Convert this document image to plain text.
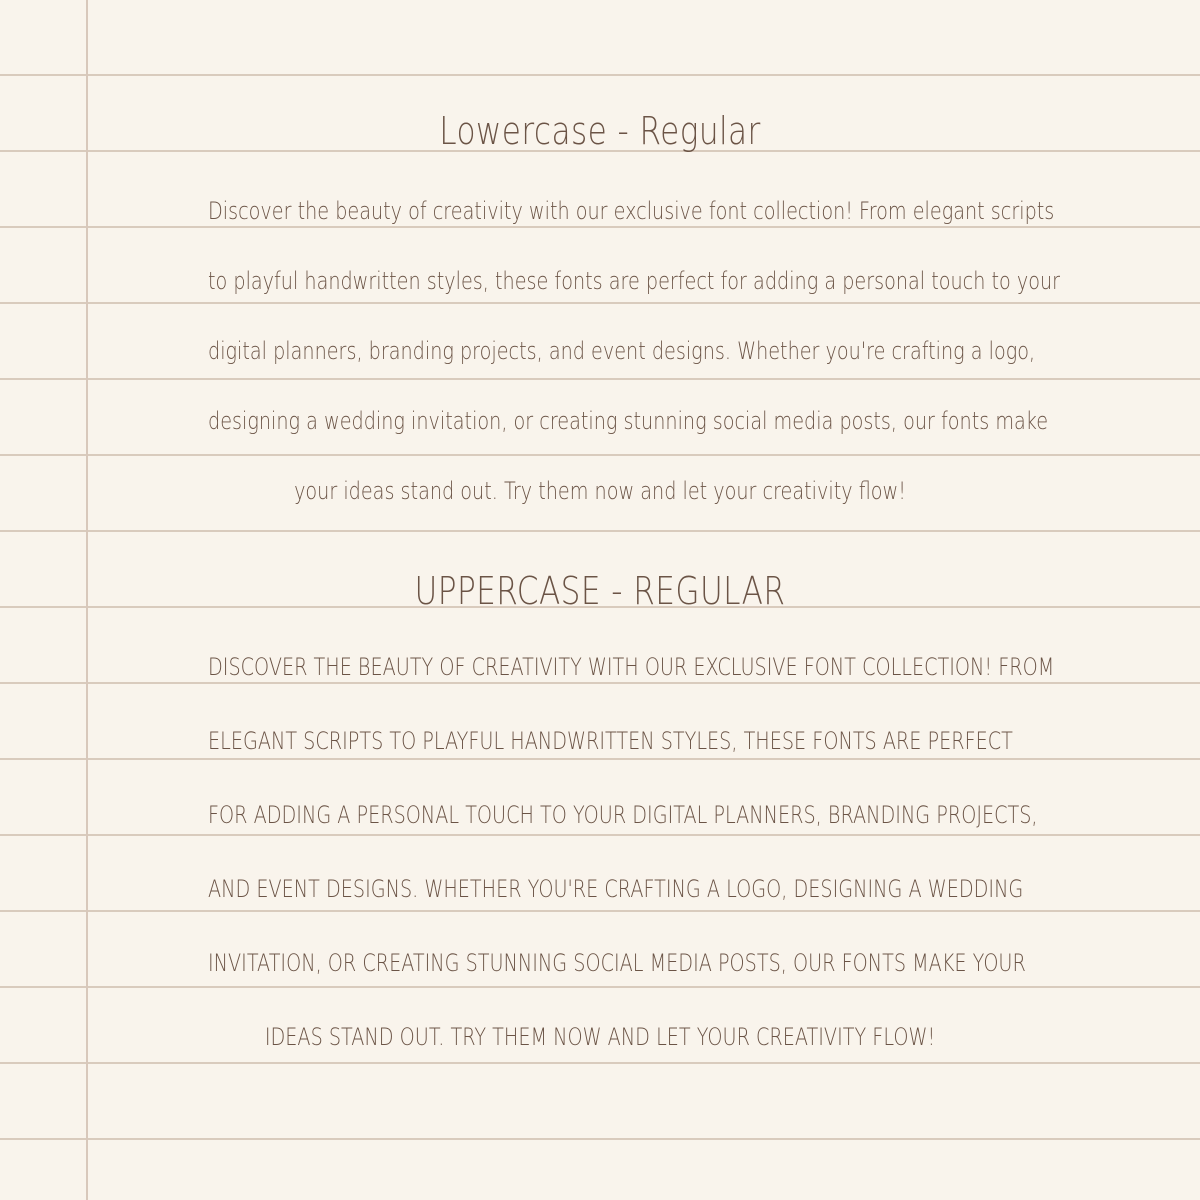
Lowercase - Regular
Discover the beauty of creativity with our exclusive font collection! From elegant scripts
to playful handwritten styles, these fonts are perfect for adding a personal touch to your
digital planners, branding projects, and event designs. Whether you're crafting a logo,
designing a wedding invitation, or creating stunning social media posts, our fonts make
your ideas stand out. Try them now and let your creativity flow!
UPPERCASE - REGULAR
DISCOVER THE BEAUTY OF CREATIVITY WITH OUR EXCLUSIVE FONT COLLECTION! FROM
ELEGANT SCRIPTS TO PLAYFUL HANDWRITTEN STYLES, THESE FONTS ARE PERFECT
FOR ADDING A PERSONAL TOUCH TO YOUR DIGITAL PLANNERS, BRANDING PROJECTS,
AND EVENT DESIGNS. WHETHER YOU'RE CRAFTING A LOGO, DESIGNING A WEDDING
INVITATION, OR CREATING STUNNING SOCIAL MEDIA POSTS, OUR FONTS MAKE YOUR
IDEAS STAND OUT. TRY THEM NOW AND LET YOUR CREATIVITY FLOW!
